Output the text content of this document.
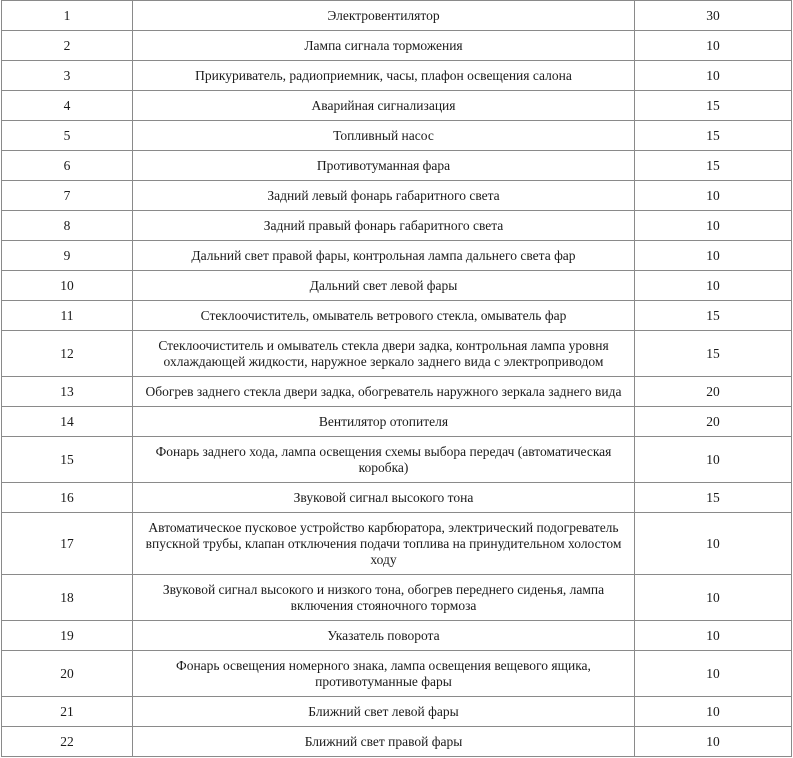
1	Электровентилятор	30
2	Лампа сигнала торможения	10
3	Прикуриватель, радиоприемник, часы, плафон освещения салона	10
4	Аварийная сигнализация	15
5	Топливный насос	15
6	Противотуманная фара	15
7	Задний левый фонарь габаритного света	10
8	Задний правый фонарь габаритного света	10
9	Дальний свет правой фары, контрольная лампа дальнего света фар	10
10	Дальний свет левой фары	10
11	Стеклоочиститель, омыватель ветрового стекла, омыватель фар	15
12	Стеклоочиститель и омыватель стекла двери задка, контрольная лампа уровня охлаждающей жидкости, наружное зеркало заднего вида с электроприводом	15
13	Обогрев заднего стекла двери задка, обогреватель наружного зеркала заднего вида	20
14	Вентилятор отопителя	20
15	Фонарь заднего хода, лампа освещения схемы выбора передач (автоматическая коробка)	10
16	Звуковой сигнал высокого тона	15
17	Автоматическое пусковое устройство карбюратора, электрический подогреватель впускной трубы, клапан отключения подачи топлива на принудительном холостом ходу	10
18	Звуковой сигнал высокого и низкого тона, обогрев переднего сиденья, лампа включения стояночного тормоза	10
19	Указатель поворота	10
20	Фонарь освещения номерного знака, лампа освещения вещевого ящика, противотуманные фары	10
21	Ближний свет левой фары	10
22	Ближний свет правой фары	10
